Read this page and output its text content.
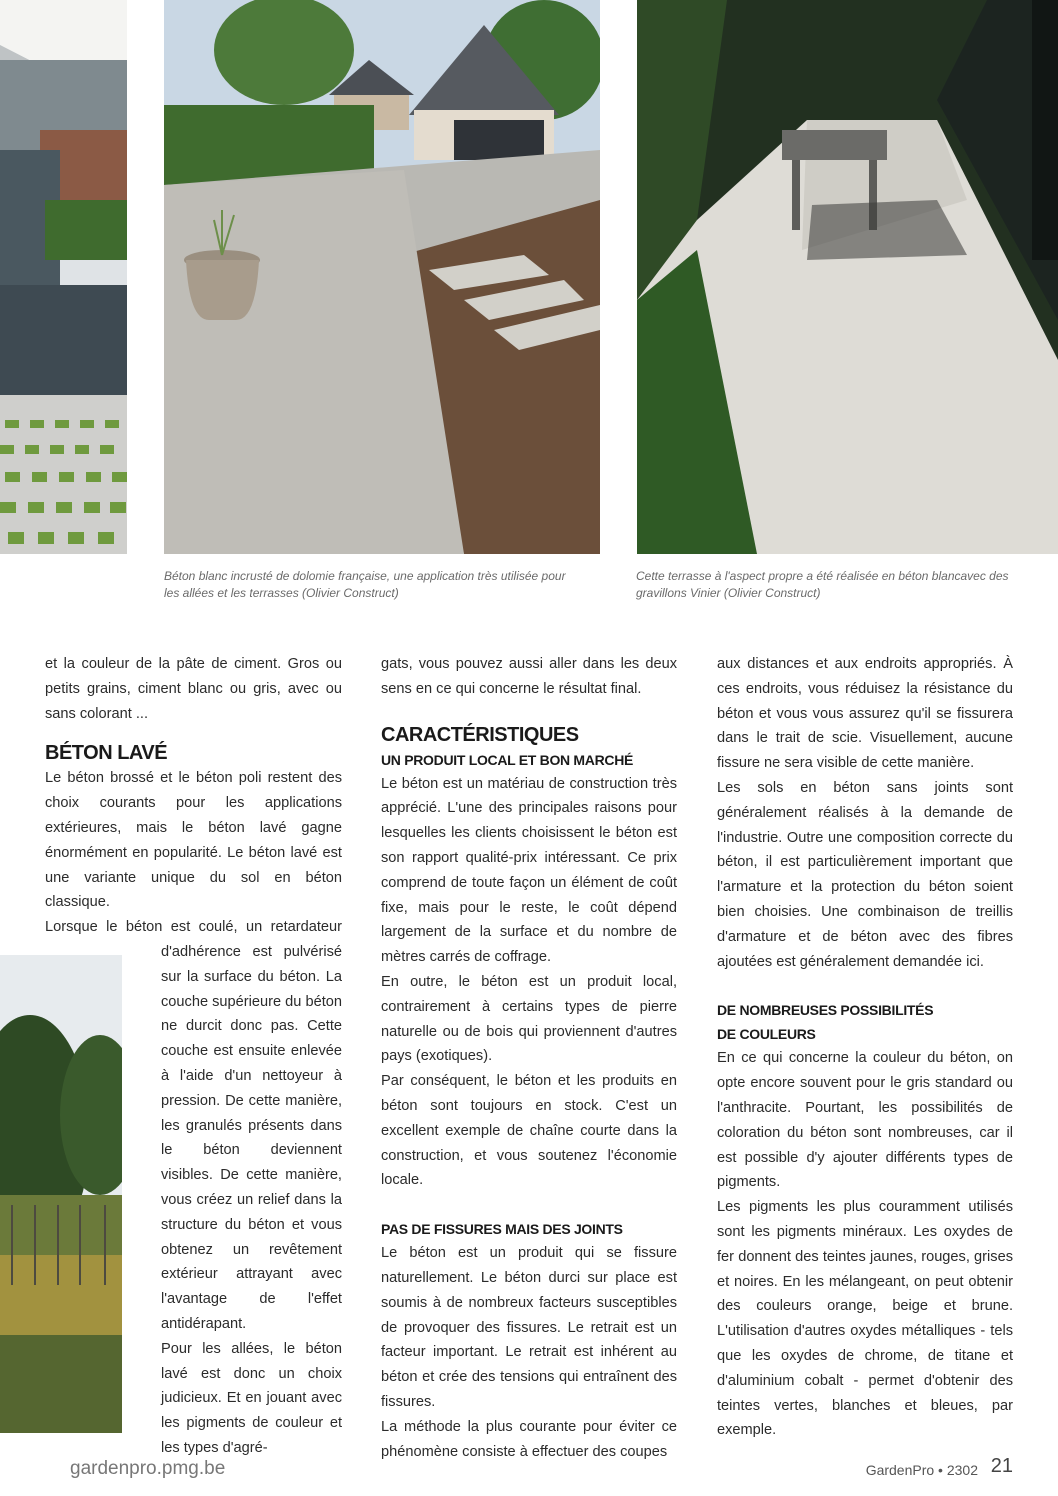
Béton blanc incrusté de dolomie française, une application très utilisée pour les allées et les terrasses (Olivier Construct)
Cette terrasse à l'aspect propre a été réalisée en béton blancavec des gravillons Vinier (Olivier Construct)

et la couleur de la pâte de ciment. Gros ou petits grains, ciment blanc ou gris, avec ou sans colorant ...

BÉTON LAVÉ

Le béton brossé et le béton poli restent des choix courants pour les applications extérieures, mais le béton lavé gagne énormément en popularité. Le béton lavé est une variante unique du sol en béton classique.

Lorsque le béton est coulé, un retardateur

d'adhérence est pulvérisé sur la surface du béton. La couche supérieure du béton ne durcit donc pas. Cette couche est ensuite enlevée à l'aide d'un nettoyeur à pression. De cette manière, les granulés présents dans le béton deviennent visibles. De cette manière, vous créez un relief dans la structure du béton et vous obtenez un revêtement extérieur attrayant avec l'avantage de l'effet antidérapant.

Pour les allées, le béton lavé est donc un choix judicieux. Et en jouant avec les pigments de couleur et les types d'agré-

gats, vous pouvez aussi aller dans les deux sens en ce qui concerne le résultat final.

CARACTÉRISTIQUES
UN PRODUIT LOCAL ET BON MARCHÉ

Le béton est un matériau de construction très apprécié. L'une des principales raisons pour lesquelles les clients choisissent le béton est son rapport qualité-prix intéressant. Ce prix comprend de toute façon un élément de coût fixe, mais pour le reste, le coût dépend largement de la surface et du nombre de mètres carrés de coffrage.

En outre, le béton est un produit local, contrairement à certains types de pierre naturelle ou de bois qui proviennent d'autres pays (exotiques).

Par conséquent, le béton et les produits en béton sont toujours en stock. C'est un excellent exemple de chaîne courte dans la construction, et vous soutenez l'économie locale.

PAS DE FISSURES MAIS DES JOINTS

Le béton est un produit qui se fissure naturellement. Le béton durci sur place est soumis à de nombreux facteurs susceptibles de provoquer des fissures. Le retrait est un facteur important. Le retrait est inhérent au béton et crée des tensions qui entraînent des fissures.

La méthode la plus courante pour éviter ce phénomène consiste à effectuer des coupes

aux distances et aux endroits appropriés. À ces endroits, vous réduisez la résistance du béton et vous vous assurez qu'il se fissurera dans le trait de scie. Visuellement, aucune fissure ne sera visible de cette manière.

Les sols en béton sans joints sont généralement réalisés à la demande de l'industrie. Outre une composition correcte du béton, il est particulièrement important que l'armature et la protection du béton soient bien choisies. Une combinaison de treillis d'armature et de béton avec des fibres ajoutées est généralement demandée ici.

DE NOMBREUSES POSSIBILITÉS
DE COULEURS

En ce qui concerne la couleur du béton, on opte encore souvent pour le gris standard ou l'anthracite. Pourtant, les possibilités de coloration du béton sont nombreuses, car il est possible d'y ajouter différents types de pigments.

Les pigments les plus couramment utilisés sont les pigments minéraux. Les oxydes de fer donnent des teintes jaunes, rouges, grises et noires. En les mélangeant, on peut obtenir des couleurs orange, beige et brune. L'utilisation d'autres oxydes métalliques - tels que les oxydes de chrome, de titane et d'aluminium cobalt - permet d'obtenir des teintes vertes, blanches et bleues, par exemple.

gardenpro.pmg.be	GardenPro • 2302 21
